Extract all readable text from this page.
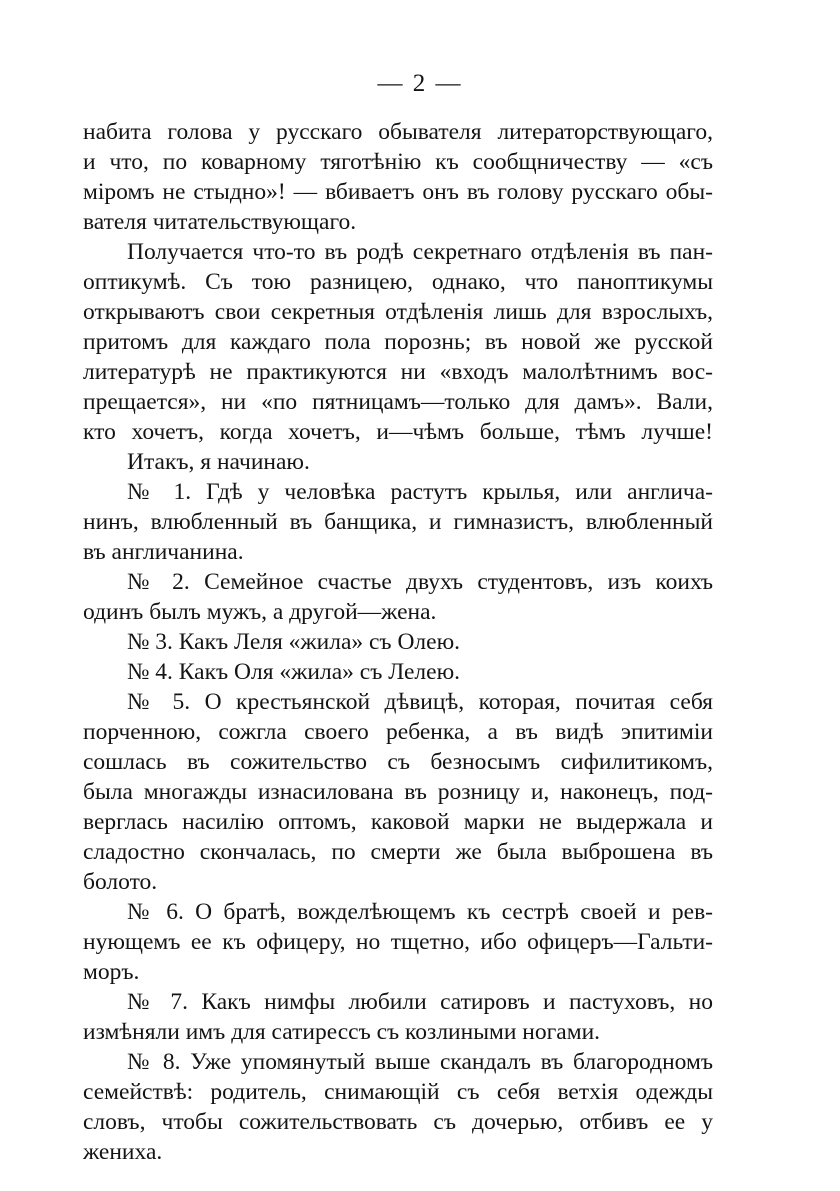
— 2 —
набита голова у русскаго обывателя литераторствующаго,
и что, по коварному тяготѣнію къ сообщничеству — «съ
міромъ не стыдно»! — вбиваетъ онъ въ голову русскаго обы-
вателя читательствующаго.
Получается что-то въ родѣ секретнаго отдѣленія въ пан-
оптикумѣ. Съ тою разницею, однако, что паноптикумы
открываютъ свои секретныя отдѣленія лишь для взрослыхъ,
притомъ для каждаго пола порознь; въ новой же русской
литературѣ не практикуются ни «входъ малолѣтнимъ вос-
прещается», ни «по пятницамъ—только для дамъ». Вали,
кто хочетъ, когда хочетъ, и—чѣмъ больше, тѣмъ лучше!
Итакъ, я начинаю.
№ 1. Гдѣ у человѣка растутъ крылья, или англича-
нинъ, влюбленный въ банщика, и гимназистъ, влюбленный
въ англичанина.
№ 2. Семейное счастье двухъ студентовъ, изъ коихъ
одинъ былъ мужъ, а другой—жена.
№ 3. Какъ Леля «жила» съ Олею.
№ 4. Какъ Оля «жила» съ Лелею.
№ 5. О крестьянской дѣвицѣ, которая, почитая себя
порченною, сожгла своего ребенка, а въ видѣ эпитиміи
сошлась въ сожительство съ безносымъ сифилитикомъ,
была многажды изнасилована въ розницу и, наконецъ, под-
верглась насилію оптомъ, каковой марки не выдержала и
сладостно скончалась, по смерти же была выброшена въ
болото.
№ 6. О братѣ, вожделѣющемъ къ сестрѣ своей и рев-
нующемъ ее къ офицеру, но тщетно, ибо офицеръ—Гальти-
моръ.
№ 7. Какъ нимфы любили сатировъ и пастуховъ, но
измѣняли имъ для сатирессъ съ козлиными ногами.
№ 8. Уже упомянутый выше скандалъ въ благородномъ
семействѣ: родитель, снимающій съ себя ветхія одежды
словъ, чтобы сожительствовать съ дочерью, отбивъ ее у
жениха.
